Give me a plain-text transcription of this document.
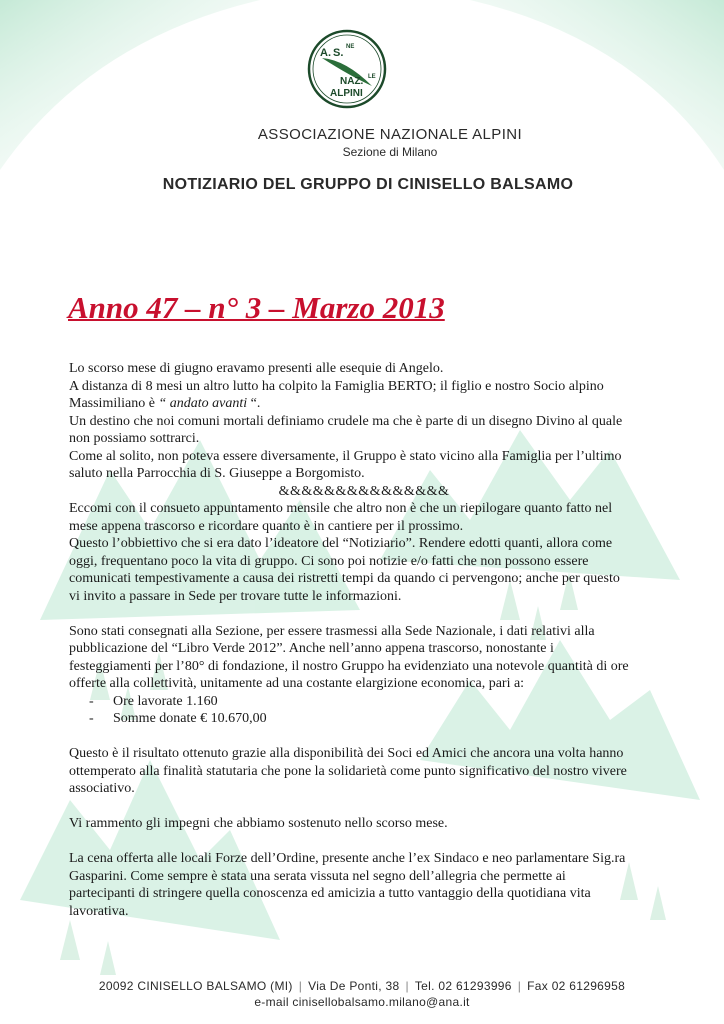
A. S. NE
NAZ. LE
ALPINI
ASSOCIAZIONE NAZIONALE ALPINI
Sezione di Milano
NOTIZIARIO DEL GRUPPO DI CINISELLO BALSAMO
Anno 47 – n° 3 – Marzo 2013

Lo scorso mese di giugno eravamo presenti alle esequie di Angelo.

A distanza di 8 mesi un altro lutto ha colpito la Famiglia BERTO; il figlio e nostro Socio alpino

Massimiliano è “ andato avanti “.

Un destino che noi comuni mortali definiamo crudele ma che è parte di un disegno Divino al quale

non possiamo sottrarci.

Come al solito, non poteva essere diversamente, il Gruppo è stato vicino alla Famiglia per l’ultimo

saluto nella Parrocchia di S. Giuseppe a Borgomisto.

&&&&&&&&&&&&&&&

Eccomi con il consueto appuntamento mensile che altro non è che un riepilogare quanto fatto nel

mese appena trascorso e ricordare quanto è in cantiere per il prossimo.

Questo l’obbiettivo che si era dato l’ideatore del “Notiziario”. Rendere edotti quanti, allora come

oggi, frequentano poco la vita di gruppo. Ci sono poi notizie e/o fatti che non possono essere

comunicati tempestivamente a causa dei ristretti tempi da quando ci pervengono; anche per questo

vi invito a passare in Sede per trovare tutte le informazioni.

Sono stati consegnati alla Sezione, per essere trasmessi alla Sede Nazionale, i dati relativi alla

pubblicazione del “Libro Verde 2012”. Anche nell’anno appena trascorso, nonostante i

festeggiamenti per l’80° di fondazione, il nostro Gruppo ha evidenziato una notevole quantità di ore

offerte alla collettività, unitamente ad una costante elargizione economica, pari a:

- Ore lavorate 1.160
- Somme donate € 10.670,00

Questo è il risultato ottenuto grazie alla disponibilità dei Soci ed Amici che ancora una volta hanno

ottemperato alla finalità statutaria che pone la solidarietà come punto significativo del nostro vivere

associativo.

Vi rammento gli impegni che abbiamo sostenuto nello scorso mese.

La cena offerta alle locali Forze dell’Ordine, presente anche l’ex Sindaco e neo parlamentare Sig.ra

Gasparini. Come sempre è stata una serata vissuta nel segno dell’allegria che permette ai

partecipanti di stringere quella conoscenza ed amicizia a tutto vantaggio della quotidiana vita

lavorativa.

20092 CINISELLO BALSAMO (MI) | Via De Ponti, 38 | Tel. 02 61293996 | Fax 02 61296958
e-mail cinisellobalsamo.milano@ana.it
